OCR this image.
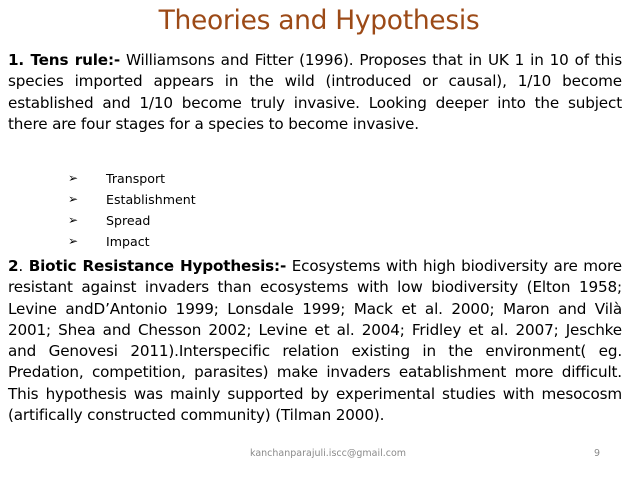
Theories and Hypothesis
1. Tens rule:- Williamsons and Fitter (1996). Proposes that in UK 1 in 10 of this species imported appears in the wild (introduced or causal), 1/10 become established and 1/10 become truly invasive. Looking deeper into the subject there are four stages for a species to become invasive.
➢	Transport
➢	Establishment
➢	Spread
➢	Impact
2. Biotic Resistance Hypothesis:- Ecosystems with high biodiversity are more resistant against invaders than ecosystems with low biodiversity (Elton 1958; Levine andD’Antonio 1999; Lonsdale 1999; Mack et al. 2000; Maron and Vilà 2001; Shea and Chesson 2002; Levine et al. 2004; Fridley et al. 2007; Jeschke and Genovesi 2011).Interspecific relation existing in the environment( eg. Predation, competition, parasites) make invaders eatablishment more difficult. This hypothesis was mainly supported by experimental studies with mesocosm (artifically constructed community) (Tilman 2000).
kanchanparajuli.iscc@gmail.com	9
